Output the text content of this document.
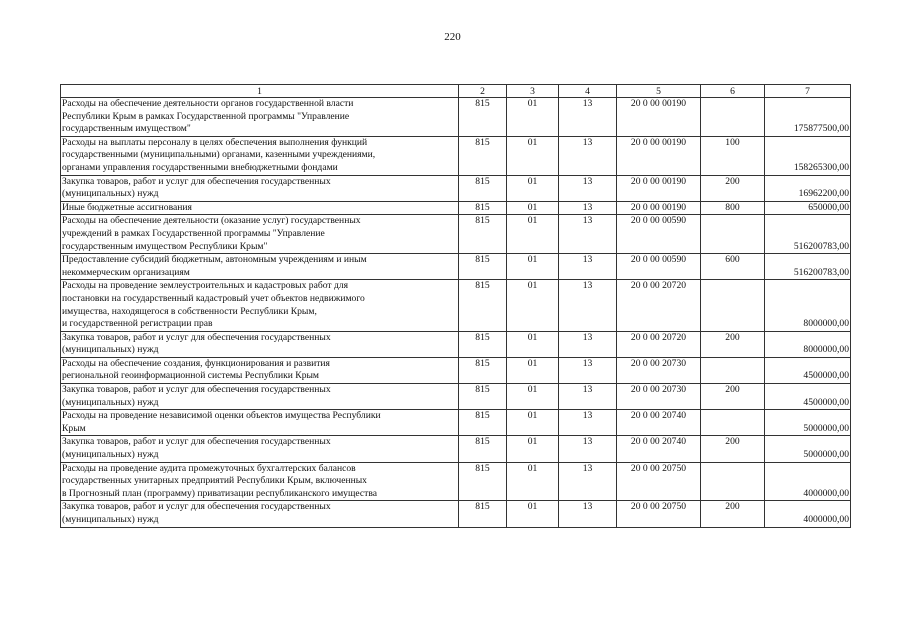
220
1	2	3	4	5	6	7

Расходы на обеспечение деятельности органов государственной власти
Республики Крым в рамках Государственной программы "Управление
государственным имуществом"	815	01	13	20 0 00 00190		175877500,00

Расходы на выплаты персоналу в целях обеспечения выполнения функций
государственными (муниципальными) органами, казенными учреждениями,
органами управления государственными внебюджетными фондами	815	01	13	20 0 00 00190	100	158265300,00

Закупка товаров, работ и услуг для обеспечения государственных
(муниципальных) нужд	815	01	13	20 0 00 00190	200	16962200,00

Иные бюджетные ассигнования	815	01	13	20 0 00 00190	800	650000,00

Расходы на обеспечение деятельности (оказание услуг) государственных
учреждений в рамках Государственной программы "Управление
государственным имуществом Республики Крым"	815	01	13	20 0 00 00590		516200783,00

Предоставление субсидий бюджетным, автономным учреждениям и иным
некоммерческим организациям	815	01	13	20 0 00 00590	600	516200783,00

Расходы на проведение землеустроительных и кадастровых работ для
постановки на государственный кадастровый учет объектов недвижимого
имущества, находящегося в собственности Республики Крым,
и государственной регистрации прав	815	01	13	20 0 00 20720		8000000,00

Закупка товаров, работ и услуг для обеспечения государственных
(муниципальных) нужд	815	01	13	20 0 00 20720	200	8000000,00

Расходы на обеспечение создания, функционирования и развития
региональной геоинформационной системы Республики Крым	815	01	13	20 0 00 20730		4500000,00

Закупка товаров, работ и услуг для обеспечения государственных
(муниципальных) нужд	815	01	13	20 0 00 20730	200	4500000,00

Расходы на проведение независимой оценки объектов имущества Республики
Крым	815	01	13	20 0 00 20740		5000000,00

Закупка товаров, работ и услуг для обеспечения государственных
(муниципальных) нужд	815	01	13	20 0 00 20740	200	5000000,00

Расходы на проведение аудита промежуточных бухгалтерских балансов
государственных унитарных предприятий Республики Крым, включенных
в Прогнозный план (программу) приватизации республиканского имущества	815	01	13	20 0 00 20750		4000000,00

Закупка товаров, работ и услуг для обеспечения государственных
(муниципальных) нужд	815	01	13	20 0 00 20750	200	4000000,00
